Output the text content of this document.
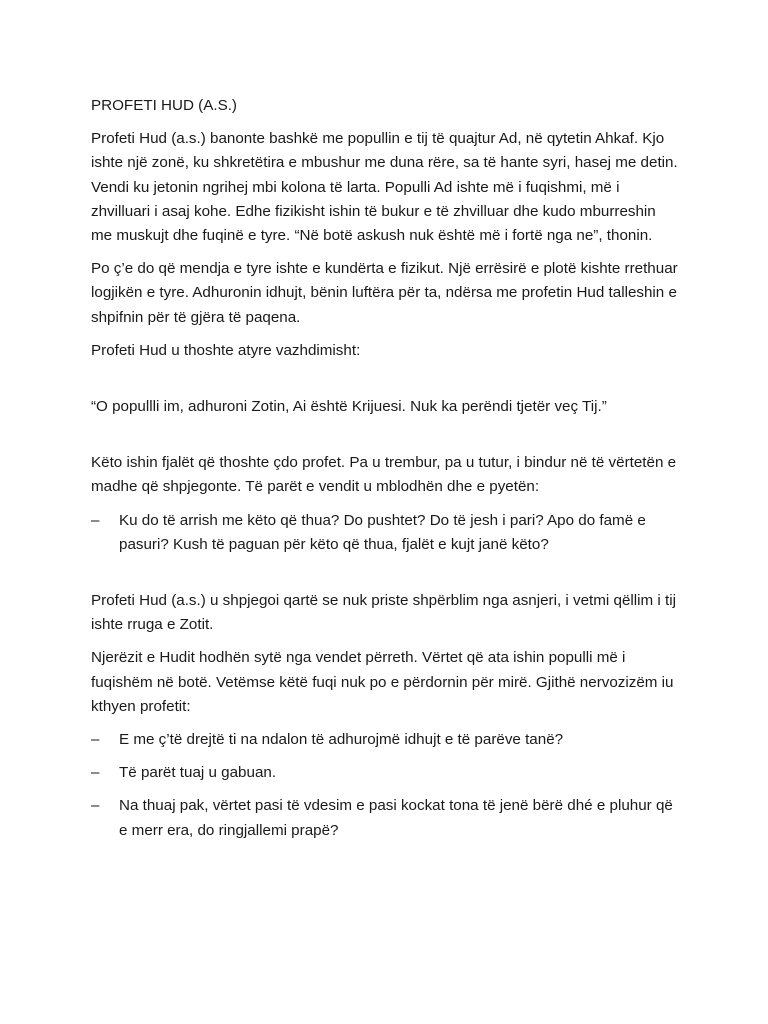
PROFETI HUD (A.S.)
Profeti Hud (a.s.) banonte bashkë me popullin e tij të quajtur Ad, në qytetin Ahkaf. Kjo ishte një zonë, ku shkretëtira e mbushur me duna rëre, sa të hante syri, hasej me detin. Vendi ku jetonin ngrihej mbi kolona të larta. Populli Ad ishte më i fuqishmi, më i zhvilluari i asaj kohe. Edhe fizikisht ishin të bukur e të zhvilluar dhe kudo mburreshin me muskujt dhe fuqinë e tyre. “Në botë askush nuk është më i fortë nga ne”, thonin.
Po ç’e do që mendja e tyre ishte e kundërta e fizikut. Një errësirë e plotë kishte rrethuar logjikën e tyre. Adhuronin idhujt, bënin luftëra për ta, ndërsa me profetin Hud talleshin e shpifnin për të gjëra të paqena.
Profeti Hud u thoshte atyre vazhdimisht:
“O popullli im, adhuroni Zotin, Ai është Krijuesi. Nuk ka perëndi tjetër veç Tij.”
Këto ishin fjalët që thoshte çdo profet. Pa u trembur, pa u tutur, i bindur në të vërtetën e madhe që shpjegonte. Të parët e vendit u mblodhën dhe e pyetën:
–	Ku do të arrish me këto që thua? Do pushtet? Do të jesh i pari? Apo do famë e pasuri? Kush të paguan për këto që thua, fjalët e kujt janë këto?
Profeti Hud (a.s.) u shpjegoi qartë se nuk priste shpërblim nga asnjeri, i vetmi qëllim i tij ishte rruga e Zotit.
Njerëzit e Hudit hodhën sytë nga vendet përreth. Vërtet që ata ishin populli më i fuqishëm në botë. Vetëmse këtë fuqi nuk po e përdornin për mirë. Gjithë nervozizëm iu kthyen profetit:
–	E me ç’të drejtë ti na ndalon të adhurojmë idhujt e të parëve tanë?
–	Të parët tuaj u gabuan.
–	Na thuaj pak, vërtet pasi të vdesim e pasi kockat tona të jenë bërë dhé e pluhur që e merr era, do ringjallemi prapë?
